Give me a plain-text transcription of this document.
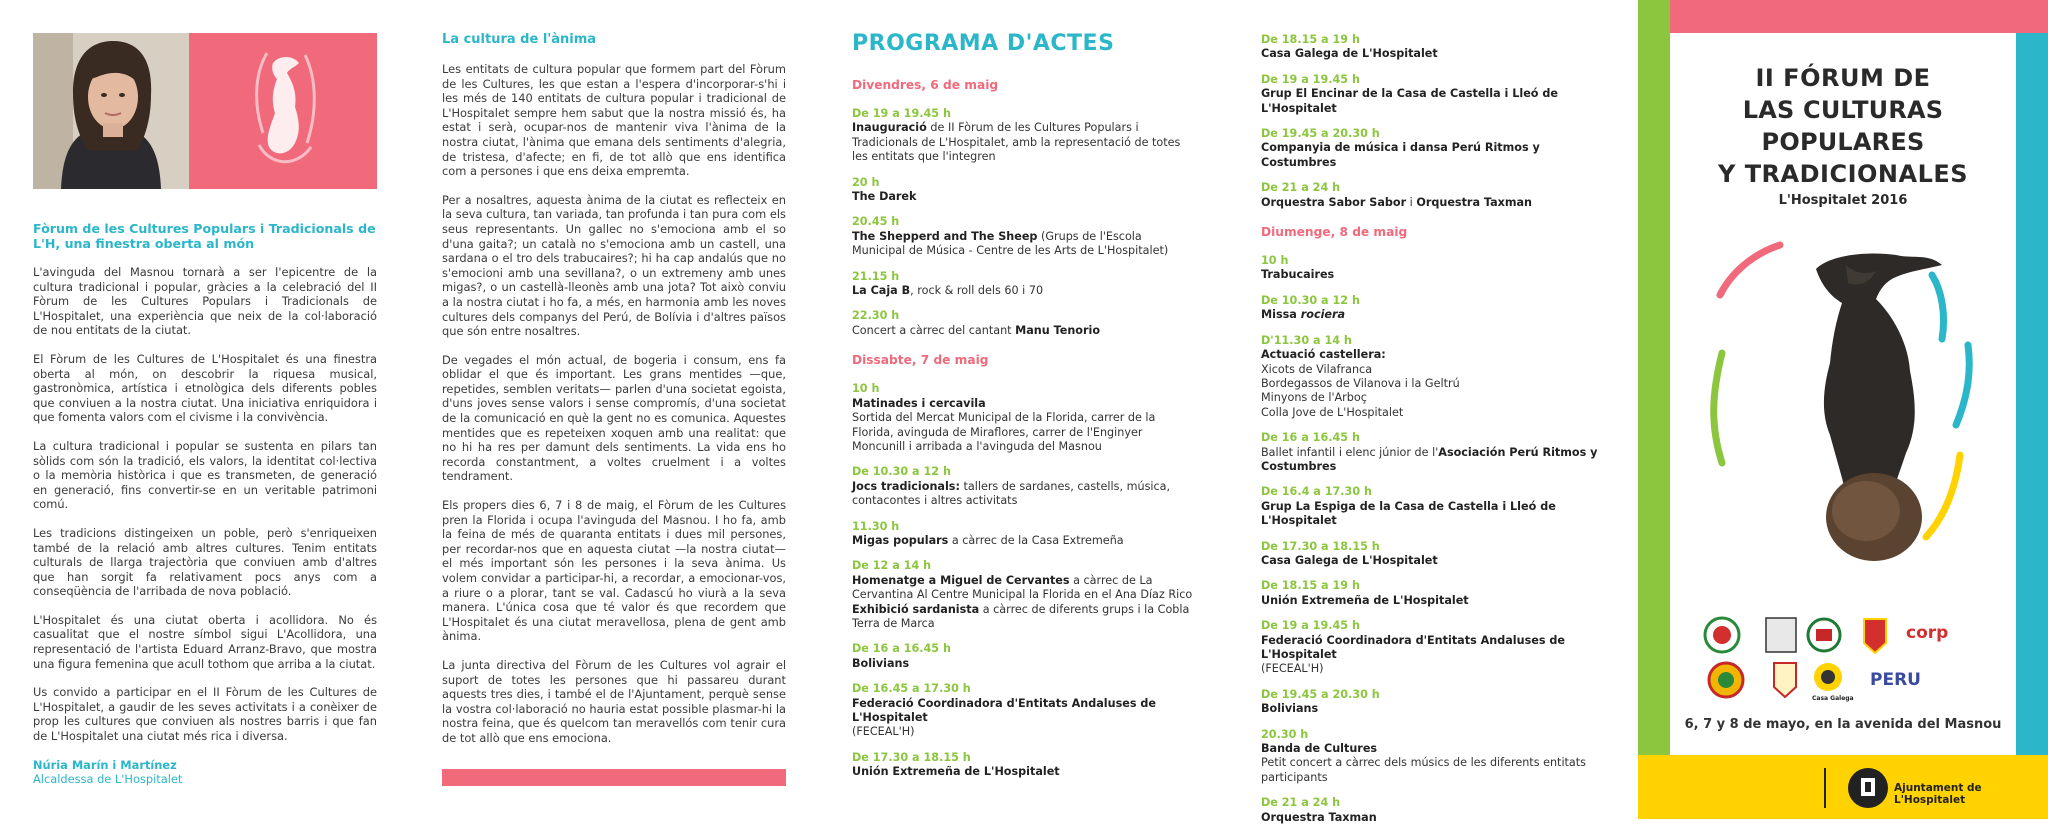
Fòrum de les Cultures Populars i Tradicionals de L'H, una finestra oberta al món

L'avinguda del Masnou tornarà a ser l'epicentre de la cultura tradicional i popular, gràcies a la celebració del II Fòrum de les Cultures Populars i Tradicionals de L'Hospitalet, una experiència que neix de la col·laboració de nou entitats de la ciutat.

El Fòrum de les Cultures de L'Hospitalet és una finestra oberta al món, on descobrir la riquesa musical, gastronòmica, artística i etnològica dels diferents pobles que conviuen a la nostra ciutat. Una iniciativa enriquidora i que fomenta valors com el civisme i la convivència.

La cultura tradicional i popular se sustenta en pilars tan sòlids com són la tradició, els valors, la identitat col·lectiva o la memòria històrica i que es transmeten, de generació en generació, fins convertir-se en un veritable patrimoni comú.

Les tradicions distingeixen un poble, però s'enriqueixen també de la relació amb altres cultures. Tenim entitats culturals de llarga trajectòria que conviuen amb d'altres que han sorgit fa relativament pocs anys com a conseqüència de l'arribada de nova població.

L'Hospitalet és una ciutat oberta i acollidora. No és casualitat que el nostre símbol sigui L'Acollidora, una representació de l'artista Eduard Arranz-Bravo, que mostra una figura femenina que acull tothom que arriba a la ciutat.

Us convido a participar en el II Fòrum de les Cultures de L'Hospitalet, a gaudir de les seves activitats i a conèixer de prop les cultures que conviuen als nostres barris i que fan de L'Hospitalet una ciutat més rica i diversa.

Núria Marín i Martínez

Alcaldessa de L'Hospitalet

La cultura de l'ànima

Les entitats de cultura popular que formem part del Fòrum de les Cultures, les que estan a l'espera d'incorporar-s'hi i les més de 140 entitats de cultura popular i tradicional de L'Hospitalet sempre hem sabut que la nostra missió és, ha estat i serà, ocupar-nos de mantenir viva l'ànima de la nostra ciutat, l'ànima que emana dels sentiments d'alegria, de tristesa, d'afecte; en fi, de tot allò que ens identifica com a persones i que ens deixa empremta.

Per a nosaltres, aquesta ànima de la ciutat es reflecteix en la seva cultura, tan variada, tan profunda i tan pura com els seus representants. Un gallec no s'emociona amb el so d'una gaita?; un català no s'emociona amb un castell, una sardana o el tro dels trabucaires?; hi ha cap andalús que no s'emocioni amb una sevillana?, o un extremeny amb unes migas?, o un castellà-lleonès amb una jota? Tot això conviu a la nostra ciutat i ho fa, a més, en harmonia amb les noves cultures dels companys del Perú, de Bolívia i d'altres països que són entre nosaltres.

De vegades el món actual, de bogeria i consum, ens fa oblidar el que és important. Les grans mentides —que, repetides, semblen veritats— parlen d'una societat egoista, d'uns joves sense valors i sense compromís, d'una societat de la comunicació en què la gent no es comunica. Aquestes mentides que es repeteixen xoquen amb una realitat: que no hi ha res per damunt dels sentiments. La vida ens ho recorda constantment, a voltes cruelment i a voltes tendrament.

Els propers dies 6, 7 i 8 de maig, el Fòrum de les Cultures pren la Florida i ocupa l'avinguda del Masnou. I ho fa, amb la feina de més de quaranta entitats i dues mil persones, per recordar-nos que en aquesta ciutat —la nostra ciutat— el més important són les persones i la seva ànima. Us volem convidar a participar-hi, a recordar, a emocionar-vos, a riure o a plorar, tant se val. Cadascú ho viurà a la seva manera. L'única cosa que té valor és que recordem que L'Hospitalet és una ciutat meravellosa, plena de gent amb ànima.

La junta directiva del Fòrum de les Cultures vol agrair el suport de totes les persones que hi passareu durant aquests tres dies, i també el de l'Ajuntament, perquè sense la vostra col·laboració no hauria estat possible plasmar-hi la nostra feina, que és quelcom tan meravellós com tenir cura de tot allò que ens emociona.

PROGRAMA D'ACTES

Divendres, 6 de maig

De 19 a 19.45 h
Inauguració de II Fòrum de les Cultures Populars i Tradicionals de L'Hospitalet, amb la representació de totes les entitats que l'integren
20 h
The Darek
20.45 h
The Shepperd and The Sheep (Grups de l'Escola Municipal de Música - Centre de les Arts de L'Hospitalet)
21.15 h
La Caja B, rock & roll dels 60 i 70
22.30 h
Concert a càrrec del cantant Manu Tenorio

Dissabte, 7 de maig

10 h
Matinades i cercavila
Sortida del Mercat Municipal de la Florida, carrer de la Florida, avinguda de Miraflores, carrer de l'Enginyer Moncunill i arribada a l'avinguda del Masnou
De 10.30 a 12 h
Jocs tradicionals: tallers de sardanes, castells, música, contacontes i altres activitats
11.30 h
Migas populars a càrrec de la Casa Extremeña
De 12 a 14 h
Homenatge a Miguel de Cervantes a càrrec de La Cervantina Al Centre Municipal la Florida en el Ana Díaz Rico
Exhibició sardanista a càrrec de diferents grups i la Cobla Terra de Marca
De 16 a 16.45 h
Bolivians
De 16.45 a 17.30 h
Federació Coordinadora d'Entitats Andaluses de L'Hospitalet
(FECEAL'H)
De 17.30 a 18.15 h
Unión Extremeña de L'Hospitalet
De 18.15 a 19 h
Casa Galega de L'Hospitalet
De 19 a 19.45 h
Grup El Encinar de la Casa de Castella i Lleó de L'Hospitalet
De 19.45 a 20.30 h
Companyia de música i dansa Perú Ritmos y Costumbres
De 21 a 24 h
Orquestra Sabor Sabor i Orquestra Taxman

Diumenge, 8 de maig

10 h
Trabucaires
De 10.30 a 12 h
Missa rociera
D'11.30 a 14 h
Actuació castellera:
Xicots de Vilafranca
Bordegassos de Vilanova i la Geltrú
Minyons de l'Arboç
Colla Jove de L'Hospitalet
De 16 a 16.45 h
Ballet infantil i elenc júnior de l'Asociación Perú Ritmos y Costumbres
De 16.4 a 17.30 h
Grup La Espiga de la Casa de Castella i Lleó de L'Hospitalet
De 17.30 a 18.15 h
Casa Galega de L'Hospitalet
De 18.15 a 19 h
Unión Extremeña de L'Hospitalet
De 19 a 19.45 h
Federació Coordinadora d'Entitats Andaluses de L'Hospitalet
(FECEAL'H)
De 19.45 a 20.30 h
Bolivians
20.30 h
Banda de Cultures
Petit concert a càrrec dels músics de les diferents entitats participants
De 21 a 24 h
Orquestra Taxman
II FÓRUM DE
LAS CULTURAS POPULARES
Y TRADICIONALES
L'Hospitalet 2016
corp
PERU
Casa Galega

6, 7 y 8 de mayo, en la avenida del Masnou

Ajuntament de L'Hospitalet
